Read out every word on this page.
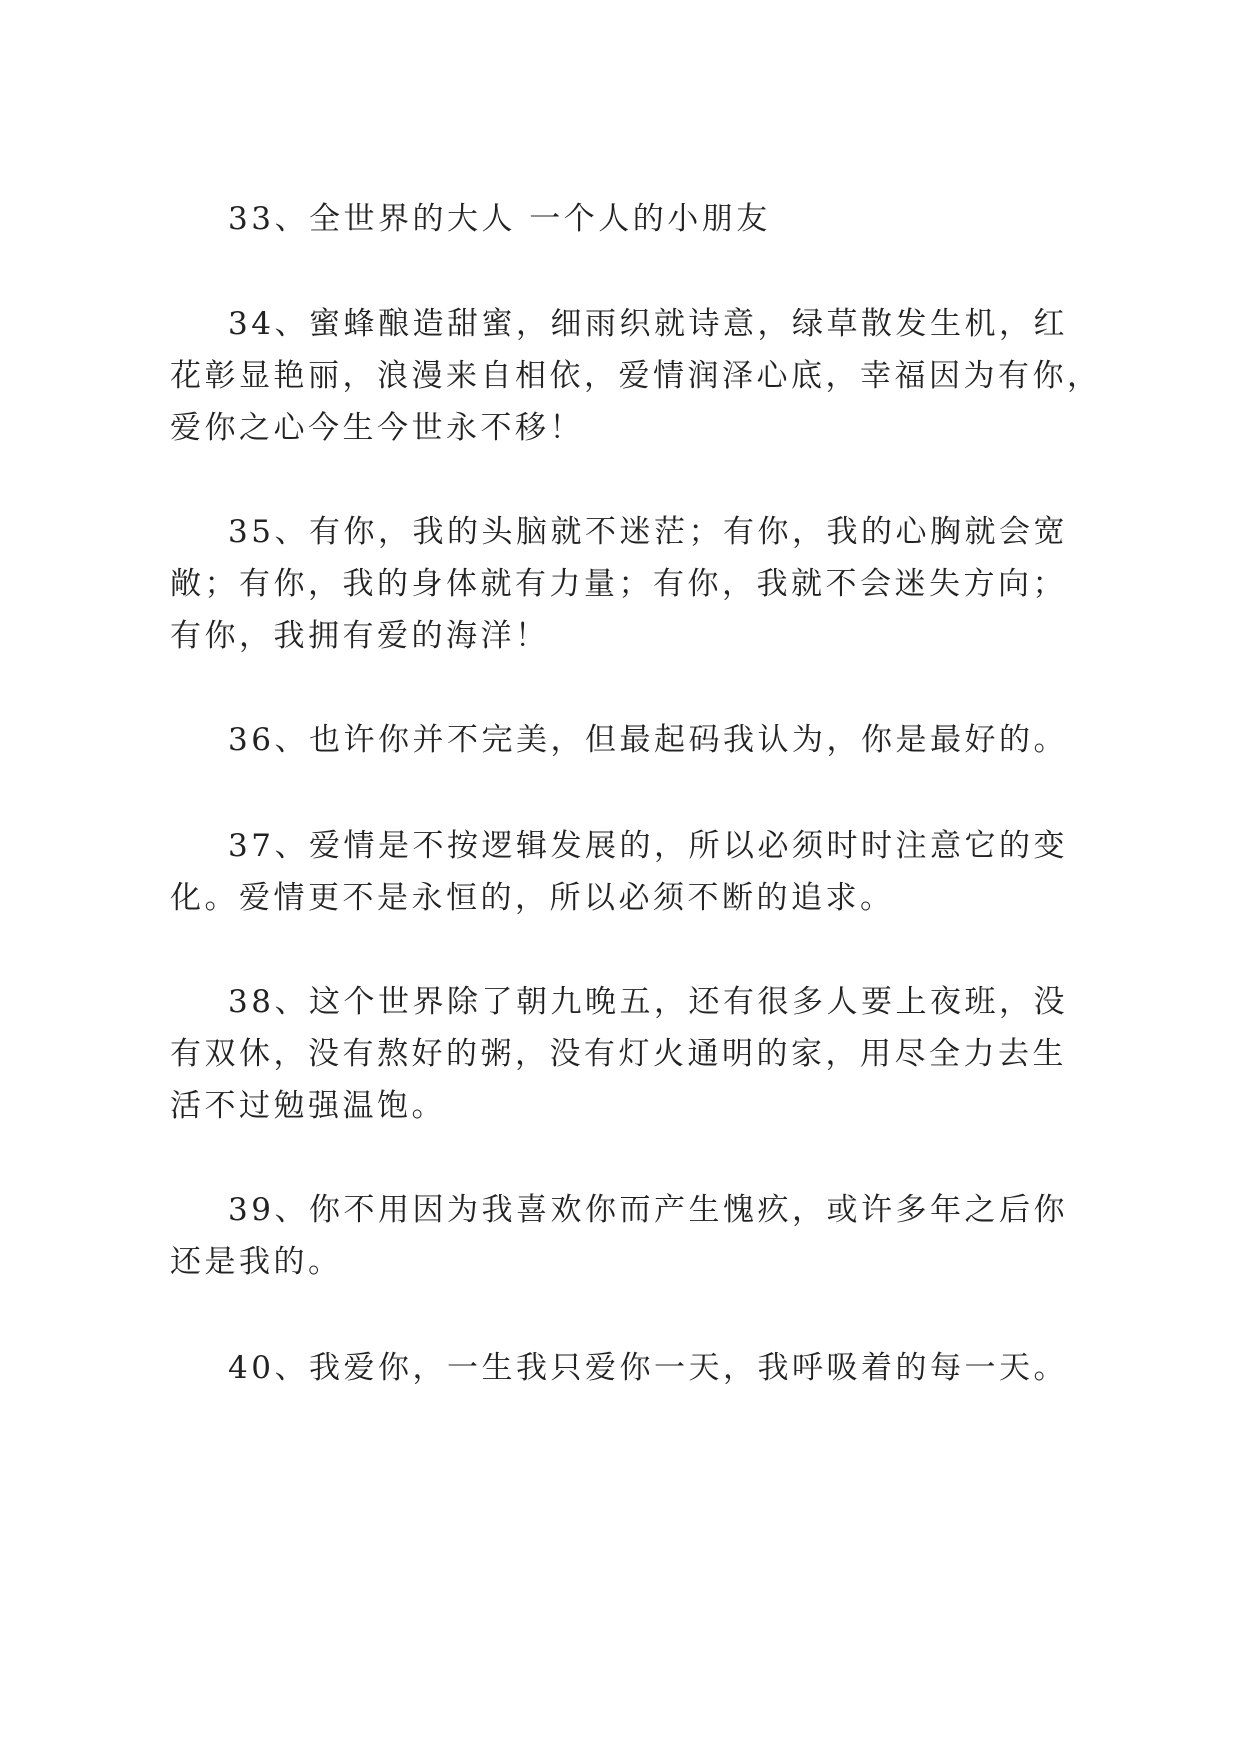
33、全世界的大人 一个人的小朋友

34、蜜蜂酿造甜蜜，细雨织就诗意，绿草散发生机，红

花彰显艳丽，浪漫来自相依，爱情润泽心底，幸福因为有你，

爱你之心今生今世永不移！

35、有你，我的头脑就不迷茫；有你，我的心胸就会宽

敞；有你，我的身体就有力量；有你，我就不会迷失方向；

有你，我拥有爱的海洋！

36、也许你并不完美，但最起码我认为，你是最好的。

37、爱情是不按逻辑发展的，所以必须时时注意它的变

化。爱情更不是永恒的，所以必须不断的追求。

38、这个世界除了朝九晚五，还有很多人要上夜班，没

有双休，没有熬好的粥，没有灯火通明的家，用尽全力去生

活不过勉强温饱。

39、你不用因为我喜欢你而产生愧疚，或许多年之后你

还是我的。

40、我爱你，一生我只爱你一天，我呼吸着的每一天。
